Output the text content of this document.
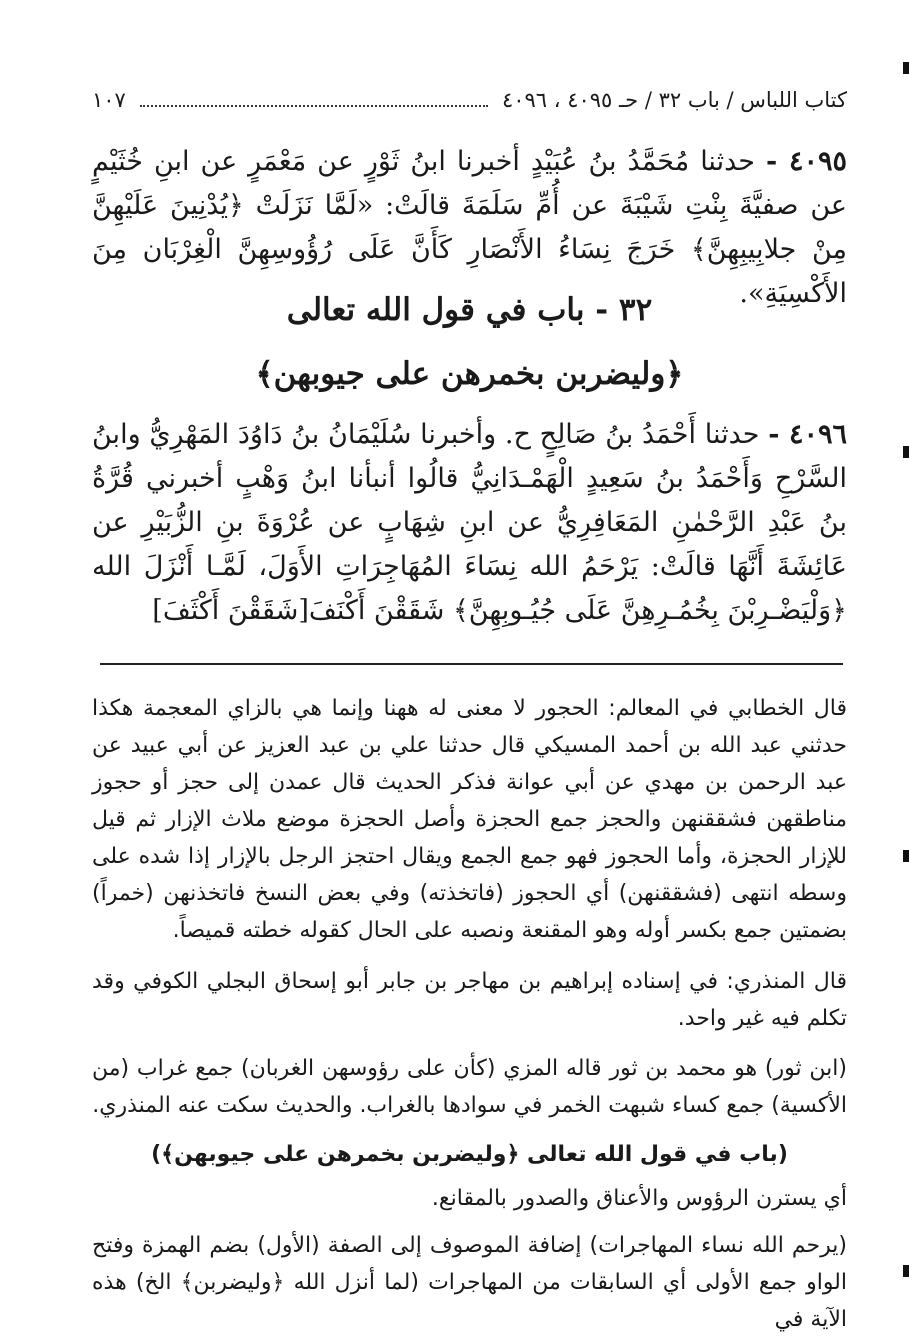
كتاب اللباس / باب ٣٢ / حـ ٤٠٩٥ ، ٤٠٩٦
١٠٧
٤٠٩٥ - حدثنا مُحَمَّدُ بنُ عُبَيْدٍ أخبرنا ابنُ ثَوْرٍ عن مَعْمَرٍ عن ابنِ خُثَيْمٍ عن صفيَّةَ بِنْتِ شَيْبَةَ عن أُمِّ سَلَمَةَ قالَتْ: «لَمَّا نَزَلَتْ ﴿يُدْنِينَ عَلَيْهِنَّ مِنْ جلابِيبِهِنَّ﴾ خَرَجَ نِسَاءُ الأَنْصَارِ كَأَنَّ عَلَى رُؤُوسِهِنَّ الْغِرْبَان مِنَ الأَكْسِيَةِ».
٣٢ - باب في قول الله تعالى
﴿وليضربن بخمرهن على جيوبهن﴾
٤٠٩٦ - حدثنا أَحْمَدُ بنُ صَالِحٍ ح. وأخبرنا سُلَيْمَانُ بنُ دَاوُدَ المَهْرِيُّ وابنُ السَّرْحِ وَأَحْمَدُ بنُ سَعِيدٍ الْهَمْـدَانِيُّ قالُوا أنبأنا ابنُ وَهْبٍ أخبرني قُرَّةُ بنُ عَبْدِ الرَّحْمٰنِ المَعَافِرِيُّ عن ابنِ شِهَابٍ عن عُرْوَةَ بنِ الزُّبَيْرِ عن عَائِشَةَ أَنَّهَا قالَتْ: يَرْحَمُ الله نِسَاءَ المُهَاجِرَاتِ الأَوَلَ، لَمَّـا أَنْزَلَ الله ﴿وَلْيَضْـرِبْنَ بِخُمُـرِهِنَّ عَلَى جُيُـوبِهِنَّ﴾ شَقَقْنَ أَكْنَفَ[شَقَقْنَ أَكْثَفَ]
قال الخطابي في المعالم: الحجور لا معنى له ههنا وإنما هي بالزاي المعجمة هكذا حدثني عبد الله بن أحمد المسيكي قال حدثنا علي بن عبد العزيز عن أبي عبيد عن عبد الرحمن بن مهدي عن أبي عوانة فذكر الحديث قال عمدن إلى حجز أو حجوز مناطقهن فشققنهن والحجز جمع الحجزة وأصل الحجزة موضع ملاث الإزار ثم قيل للإزار الحجزة، وأما الحجوز فهو جمع الجمع ويقال احتجز الرجل بالإزار إذا شده على وسطه انتهى (فشققنهن) أي الحجوز (فاتخذته) وفي بعض النسخ فاتخذنهن (خمراً) بضمتين جمع بكسر أوله وهو المقنعة ونصبه على الحال كقوله خطته قميصاً.
قال المنذري: في إسناده إبراهيم بن مهاجر بن جابر أبو إسحاق البجلي الكوفي وقد تكلم فيه غير واحد.
(ابن ثور) هو محمد بن ثور قاله المزي (كأن على رؤوسهن الغربان) جمع غراب (من الأكسية) جمع كساء شبهت الخمر في سوادها بالغراب. والحديث سكت عنه المنذري.
(باب في قول الله تعالى ﴿وليضربن بخمرهن على جيوبهن﴾)
أي يسترن الرؤوس والأعناق والصدور بالمقانع.
(يرحم الله نساء المهاجرات) إضافة الموصوف إلى الصفة (الأول) بضم الهمزة وفتح الواو جمع الأولى أي السابقات من المهاجرات (لما أنزل الله ﴿وليضربن﴾ الخ) هذه الآية في
